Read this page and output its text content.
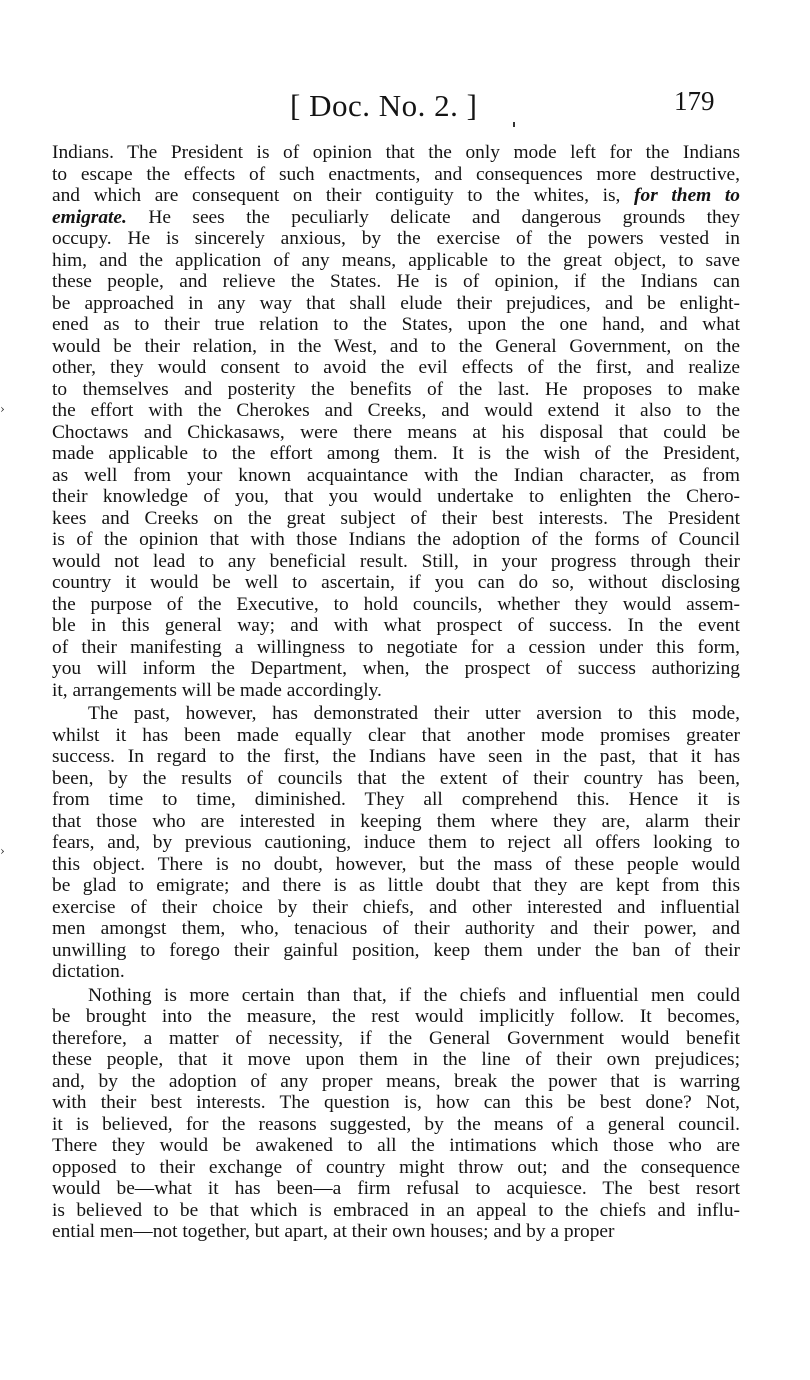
[ Doc. No. 2. ]	179
›
›
Indians. The President is of opinion that the only mode left for the Indians
to escape the effects of such enactments, and consequences more destructive,
and which are consequent on their contiguity to the whites, is, for them to
emigrate. He sees the peculiarly delicate and dangerous grounds they
occupy. He is sincerely anxious, by the exercise of the powers vested in
him, and the application of any means, applicable to the great object, to save
these people, and relieve the States. He is of opinion, if the Indians can
be approached in any way that shall elude their prejudices, and be enlight-
ened as to their true relation to the States, upon the one hand, and what
would be their relation, in the West, and to the General Government, on the
other, they would consent to avoid the evil effects of the first, and realize
to themselves and posterity the benefits of the last. He proposes to make
the effort with the Cherokes and Creeks, and would extend it also to the
Choctaws and Chickasaws, were there means at his disposal that could be
made applicable to the effort among them. It is the wish of the President,
as well from your known acquaintance with the Indian character, as from
their knowledge of you, that you would undertake to enlighten the Chero-
kees and Creeks on the great subject of their best interests. The President
is of the opinion that with those Indians the adoption of the forms of Council
would not lead to any beneficial result. Still, in your progress through their
country it would be well to ascertain, if you can do so, without disclosing
the purpose of the Executive, to hold councils, whether they would assem-
ble in this general way; and with what prospect of success. In the event
of their manifesting a willingness to negotiate for a cession under this form,
you will inform the Department, when, the prospect of success authorizing
it, arrangements will be made accordingly.
The past, however, has demonstrated their utter aversion to this mode,
whilst it has been made equally clear that another mode promises greater
success. In regard to the first, the Indians have seen in the past, that it has
been, by the results of councils that the extent of their country has been,
from time to time, diminished. They all comprehend this. Hence it is
that those who are interested in keeping them where they are, alarm their
fears, and, by previous cautioning, induce them to reject all offers looking to
this object. There is no doubt, however, but the mass of these people would
be glad to emigrate; and there is as little doubt that they are kept from this
exercise of their choice by their chiefs, and other interested and influential
men amongst them, who, tenacious of their authority and their power, and
unwilling to forego their gainful position, keep them under the ban of their
dictation.
Nothing is more certain than that, if the chiefs and influential men could
be brought into the measure, the rest would implicitly follow. It becomes,
therefore, a matter of necessity, if the General Government would benefit
these people, that it move upon them in the line of their own prejudices;
and, by the adoption of any proper means, break the power that is warring
with their best interests. The question is, how can this be best done? Not,
it is believed, for the reasons suggested, by the means of a general council.
There they would be awakened to all the intimations which those who are
opposed to their exchange of country might throw out; and the consequence
would be—what it has been—a firm refusal to acquiesce. The best resort
is believed to be that which is embraced in an appeal to the chiefs and influ-
ential men—not together, but apart, at their own houses; and by a proper
